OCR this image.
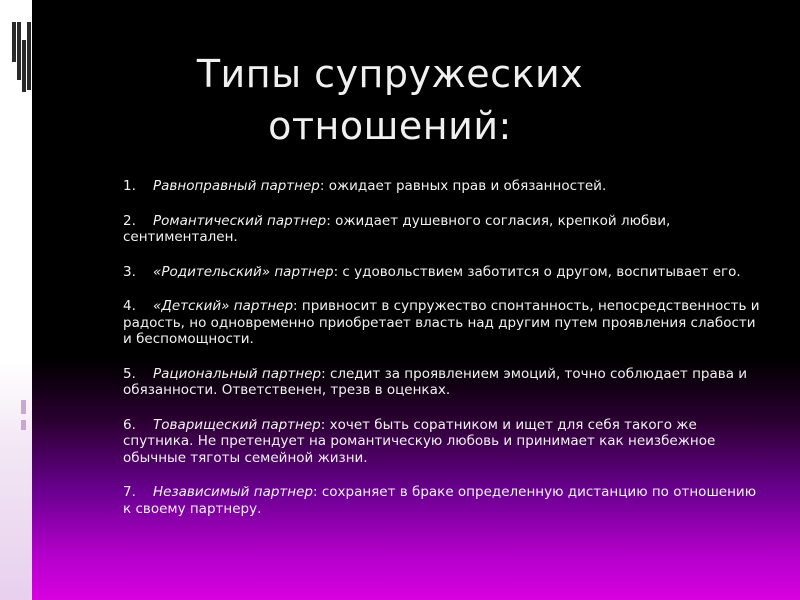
Типы супружеских
отношений:
1. Равноправный партнер: ожидает равных прав и обязанностей.
2. Романтический партнер: ожидает душевного согласия, крепкой любви, сентиментален.
3. «Родительский» партнер: с удовольствием заботится о другом, воспитывает его.
4. «Детский» партнер: привносит в супружество спонтанность, непосредственность и радость, но одновременно приобретает власть над другим путем проявления слабости и беспомощности.
5. Рациональный партнер: следит за проявлением эмоций, точно соблюдает права и обязанности. Ответственен, трезв в оценках.
6. Товарищеский партнер: хочет быть соратником и ищет для себя такого же спутника. Не претендует на романтическую любовь и принимает как неизбежное обычные тяготы семейной жизни.
7. Независимый партнер: сохраняет в браке определенную дистанцию по отношению к своему партнеру.
